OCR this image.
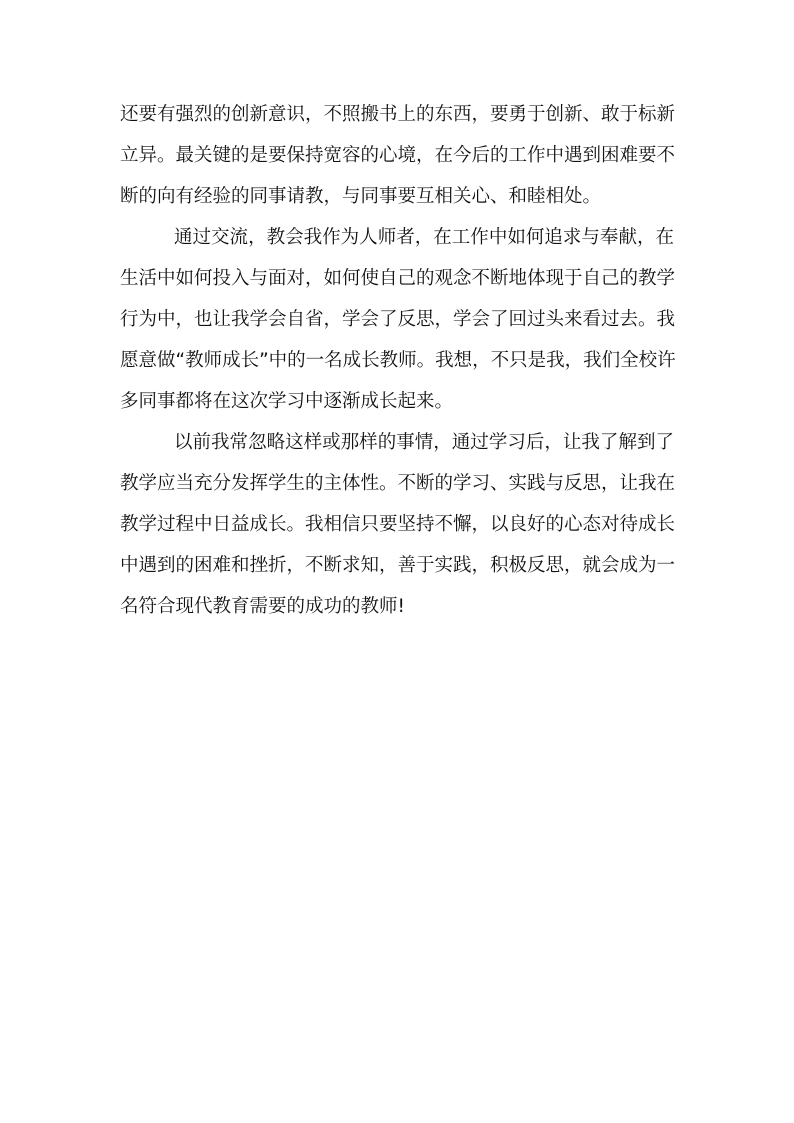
还要有强烈的创新意识，不照搬书上的东西，要勇于创新、敢于标新
立异。最关键的是要保持宽容的心境，在今后的工作中遇到困难要不
断的向有经验的同事请教，与同事要互相关心、和睦相处。
通过交流，教会我作为人师者，在工作中如何追求与奉献，在
生活中如何投入与面对，如何使自己的观念不断地体现于自己的教学
行为中，也让我学会自省，学会了反思，学会了回过头来看过去。我
愿意做“教师成长”中的一名成长教师。我想，不只是我，我们全校许
多同事都将在这次学习中逐渐成长起来。
以前我常忽略这样或那样的事情，通过学习后，让我了解到了
教学应当充分发挥学生的主体性。不断的学习、实践与反思，让我在
教学过程中日益成长。我相信只要坚持不懈，以良好的心态对待成长
中遇到的困难和挫折，不断求知，善于实践，积极反思，就会成为一
名符合现代教育需要的成功的教师!
